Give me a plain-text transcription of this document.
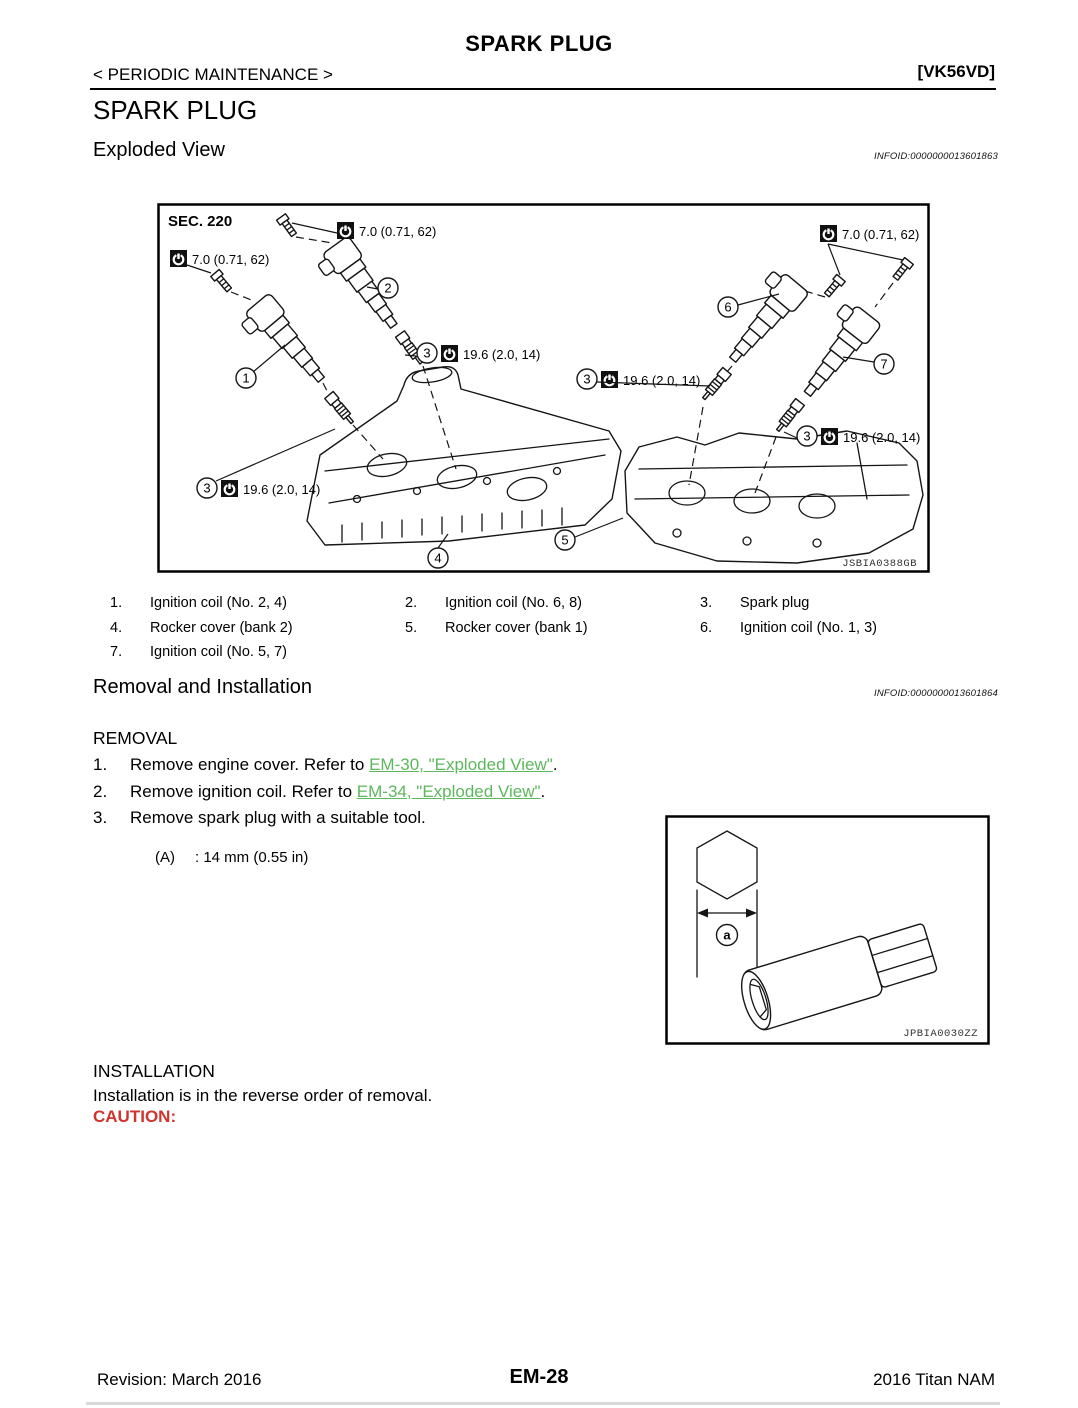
SPARK PLUG
< PERIODIC MAINTENANCE >	[VK56VD]
SPARK PLUG
Exploded View	INFOID:0000000013601863
SEC. 220
7.0 (0.71, 62)
7.0 (0.71, 62)	7.0 (0.71, 62)
3 19.6 (2.0, 14)
3 19.6 (2.0, 14)
3 19.6 (2.0, 14)
3 19.6 (2.0, 14)
1
2
4
5
6
7
JSBIA0388GB
1.	Ignition coil (No. 2, 4)	2.	Ignition coil (No. 6, 8)	3.	Spark plug
4.	Rocker cover (bank 2)	5.	Rocker cover (bank 1)	6.	Ignition coil (No. 1, 3)
7.	Ignition coil (No. 5, 7)
Removal and Installation	INFOID:0000000013601864
REMOVAL
1.	Remove engine cover. Refer to EM-30, "Exploded View".
2.	Remove ignition coil. Refer to EM-34, "Exploded View".
3.	Remove spark plug with a suitable tool.
(A)	: 14 mm (0.55 in)
a
JPBIA0030ZZ
INSTALLATION
Installation is in the reverse order of removal.
CAUTION:
Revision: March 2016	EM-28	2016 Titan NAM
